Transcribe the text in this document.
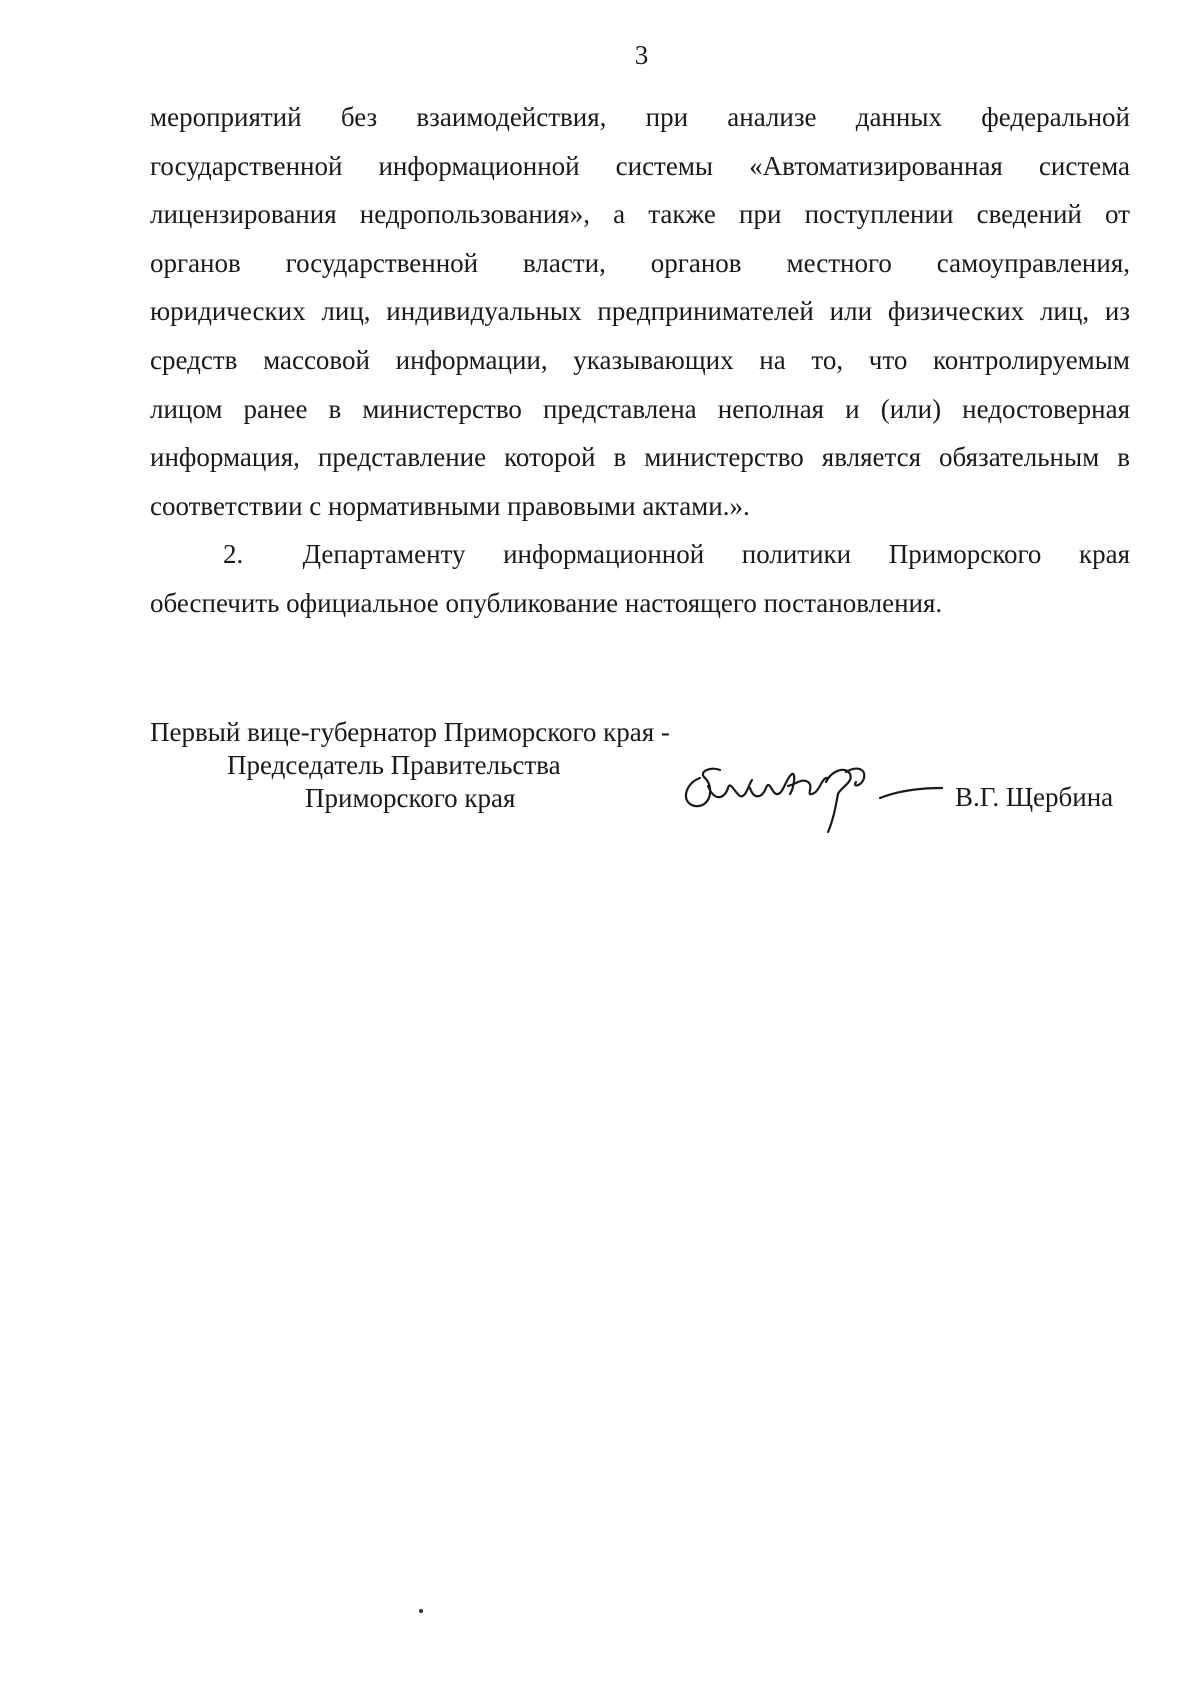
3

мероприятий без взаимодействия, при анализе данных федеральной
государственной информационной системы «Автоматизированная система
лицензирования недропользования», а также при поступлении сведений от
органов государственной власти, органов местного самоуправления,
юридических лиц, индивидуальных предпринимателей или физических лиц, из
средств массовой информации, указывающих на то, что контролируемым
лицом ранее в министерство представлена неполная и (или) недостоверная
информация, представление которой в министерство является обязательным в
соответствии с нормативными правовыми актами.».

2. Департаменту информационной политики Приморского края
обеспечить официальное опубликование настоящего постановления.

Первый вице-губернатор Приморского края -
Председатель Правительства
Приморского края	В.Г. Щербина
